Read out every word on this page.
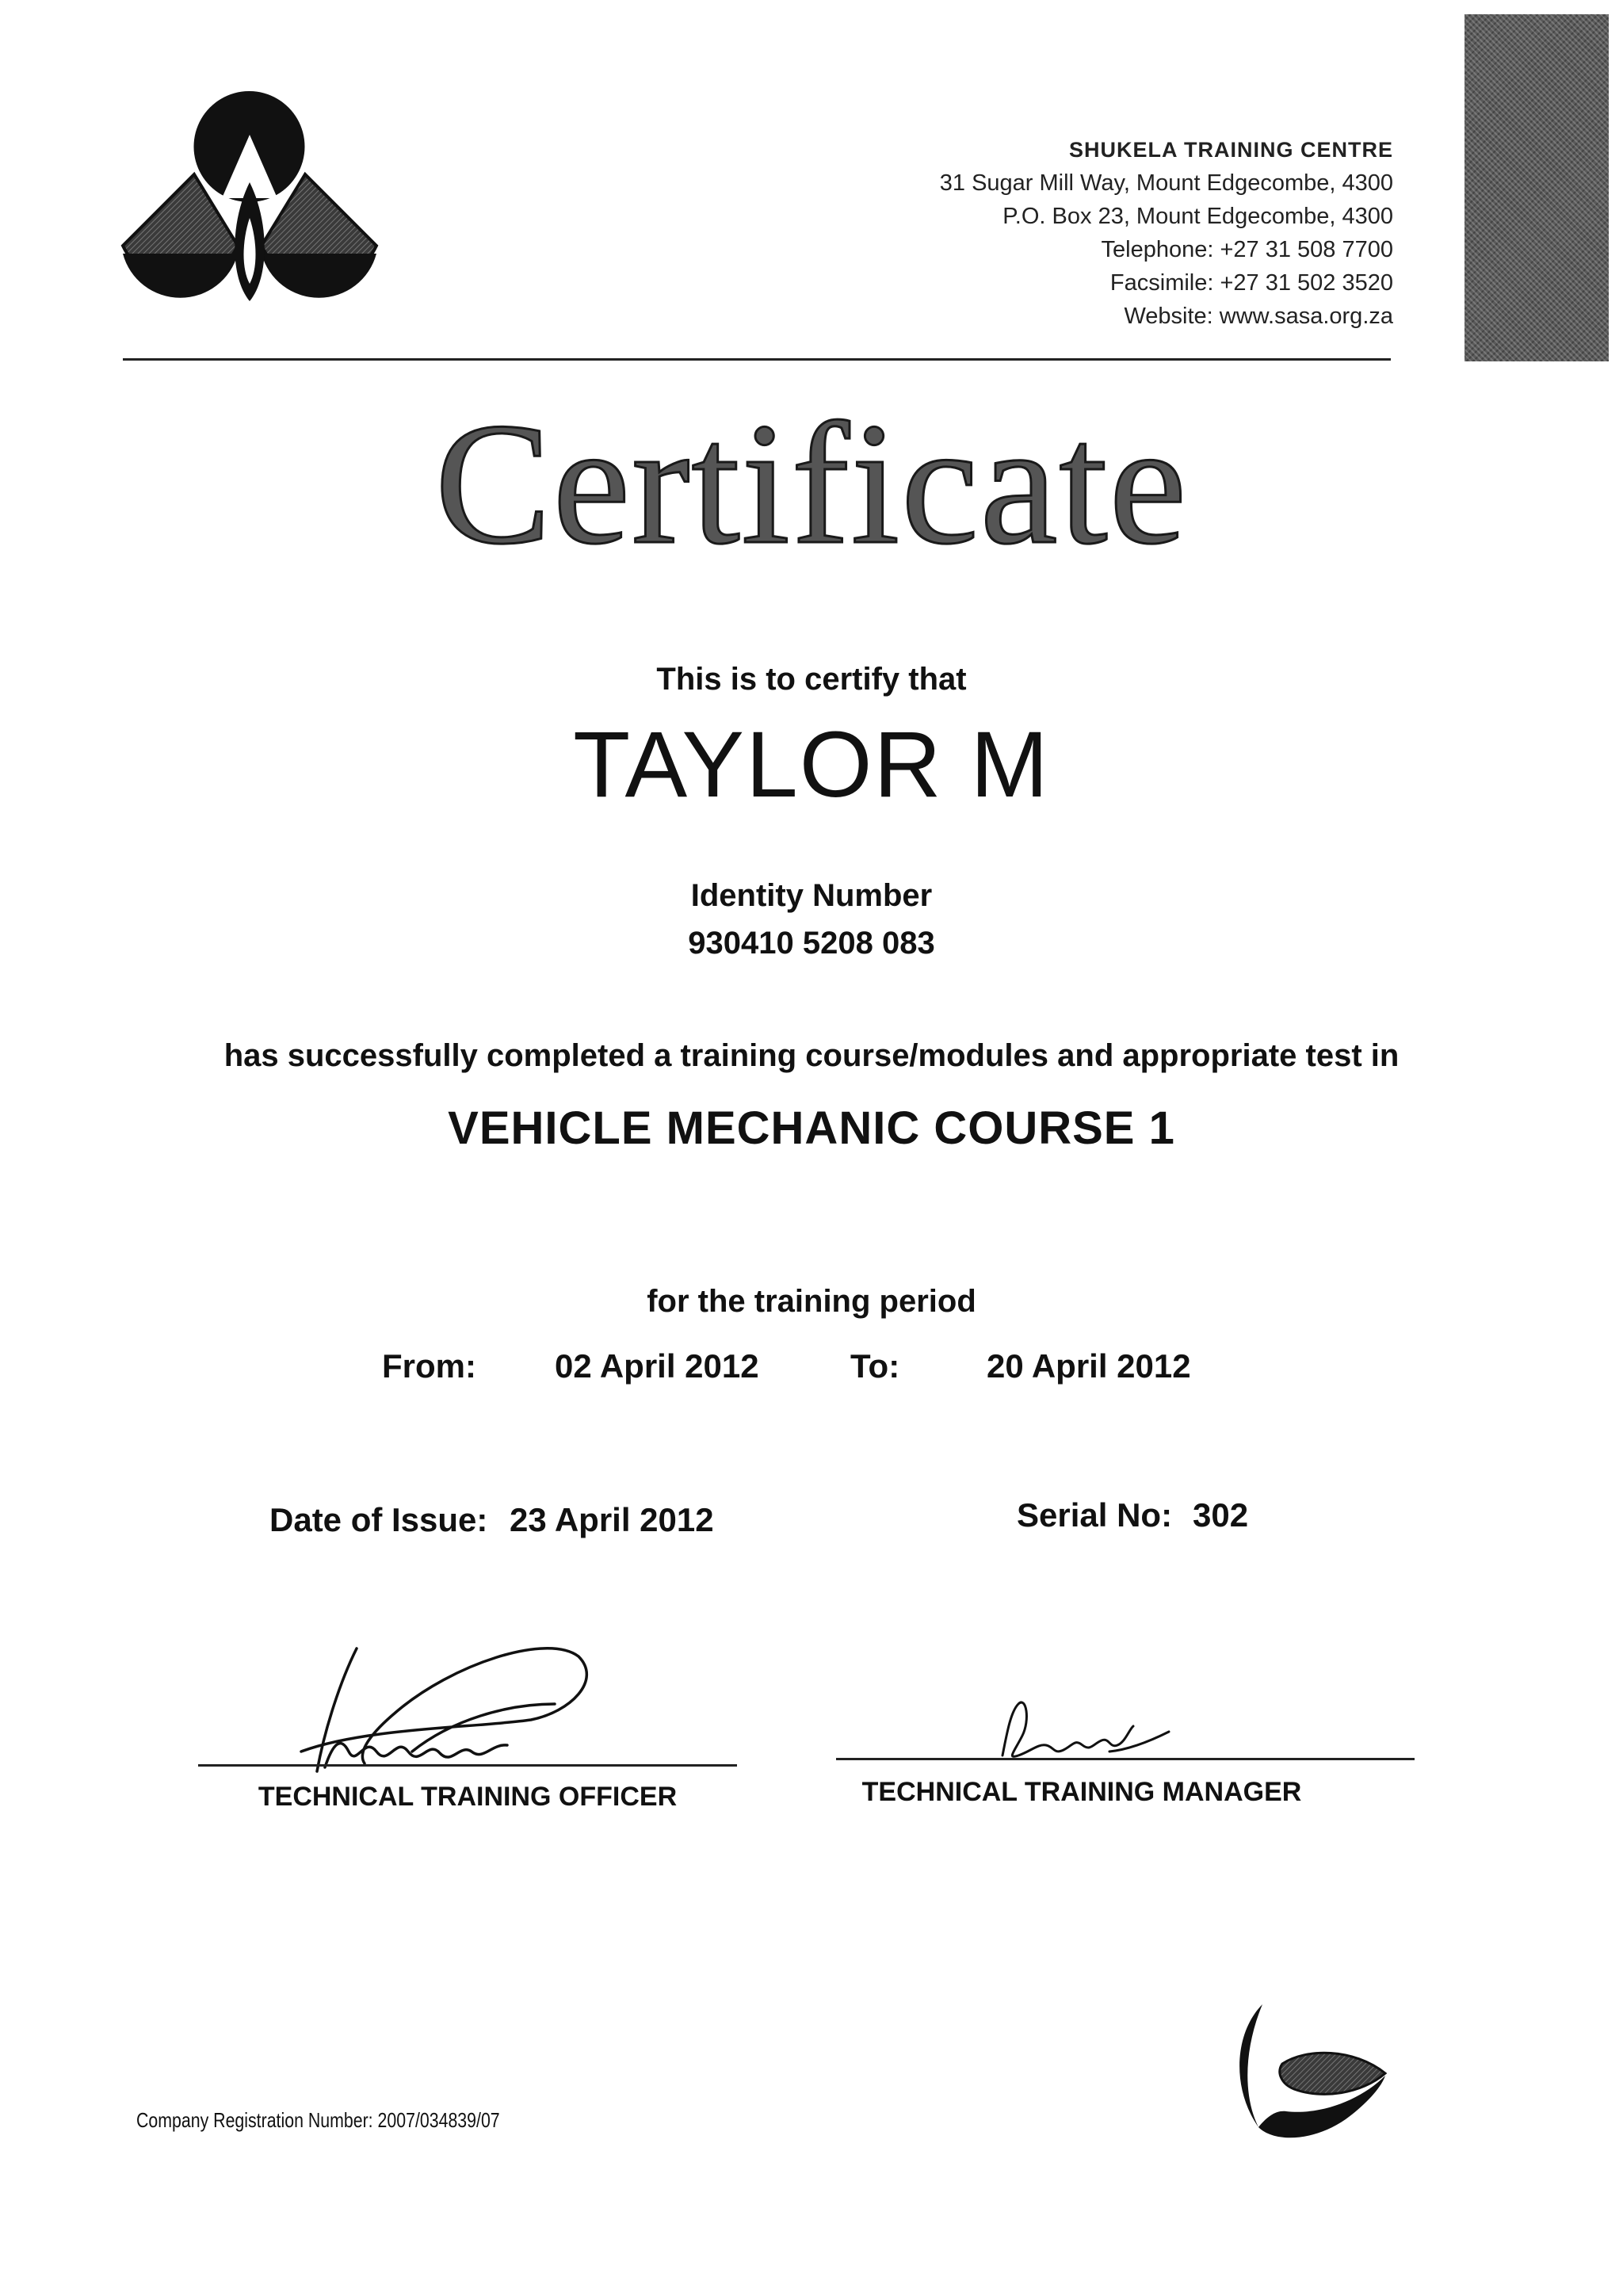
SHUKELA TRAINING CENTRE
31 Sugar Mill Way, Mount Edgecombe, 4300
P.O. Box 23, Mount Edgecombe, 4300
Telephone: +27 31 508 7700
Facsimile: +27 31 502 3520
Website: www.sasa.org.za
Certificate
This is to certify that
TAYLOR M
Identity Number
930410 5208 083
has successfully completed a training course/modules and appropriate test in
VEHICLE MECHANIC COURSE 1
for the training period
From: 02 April 2012	To:	20 April 2012
Date of Issue: 23 April 2012	Serial No: 302
TECHNICAL TRAINING OFFICER	TECHNICAL TRAINING MANAGER
Company Registration Number: 2007/034839/07
